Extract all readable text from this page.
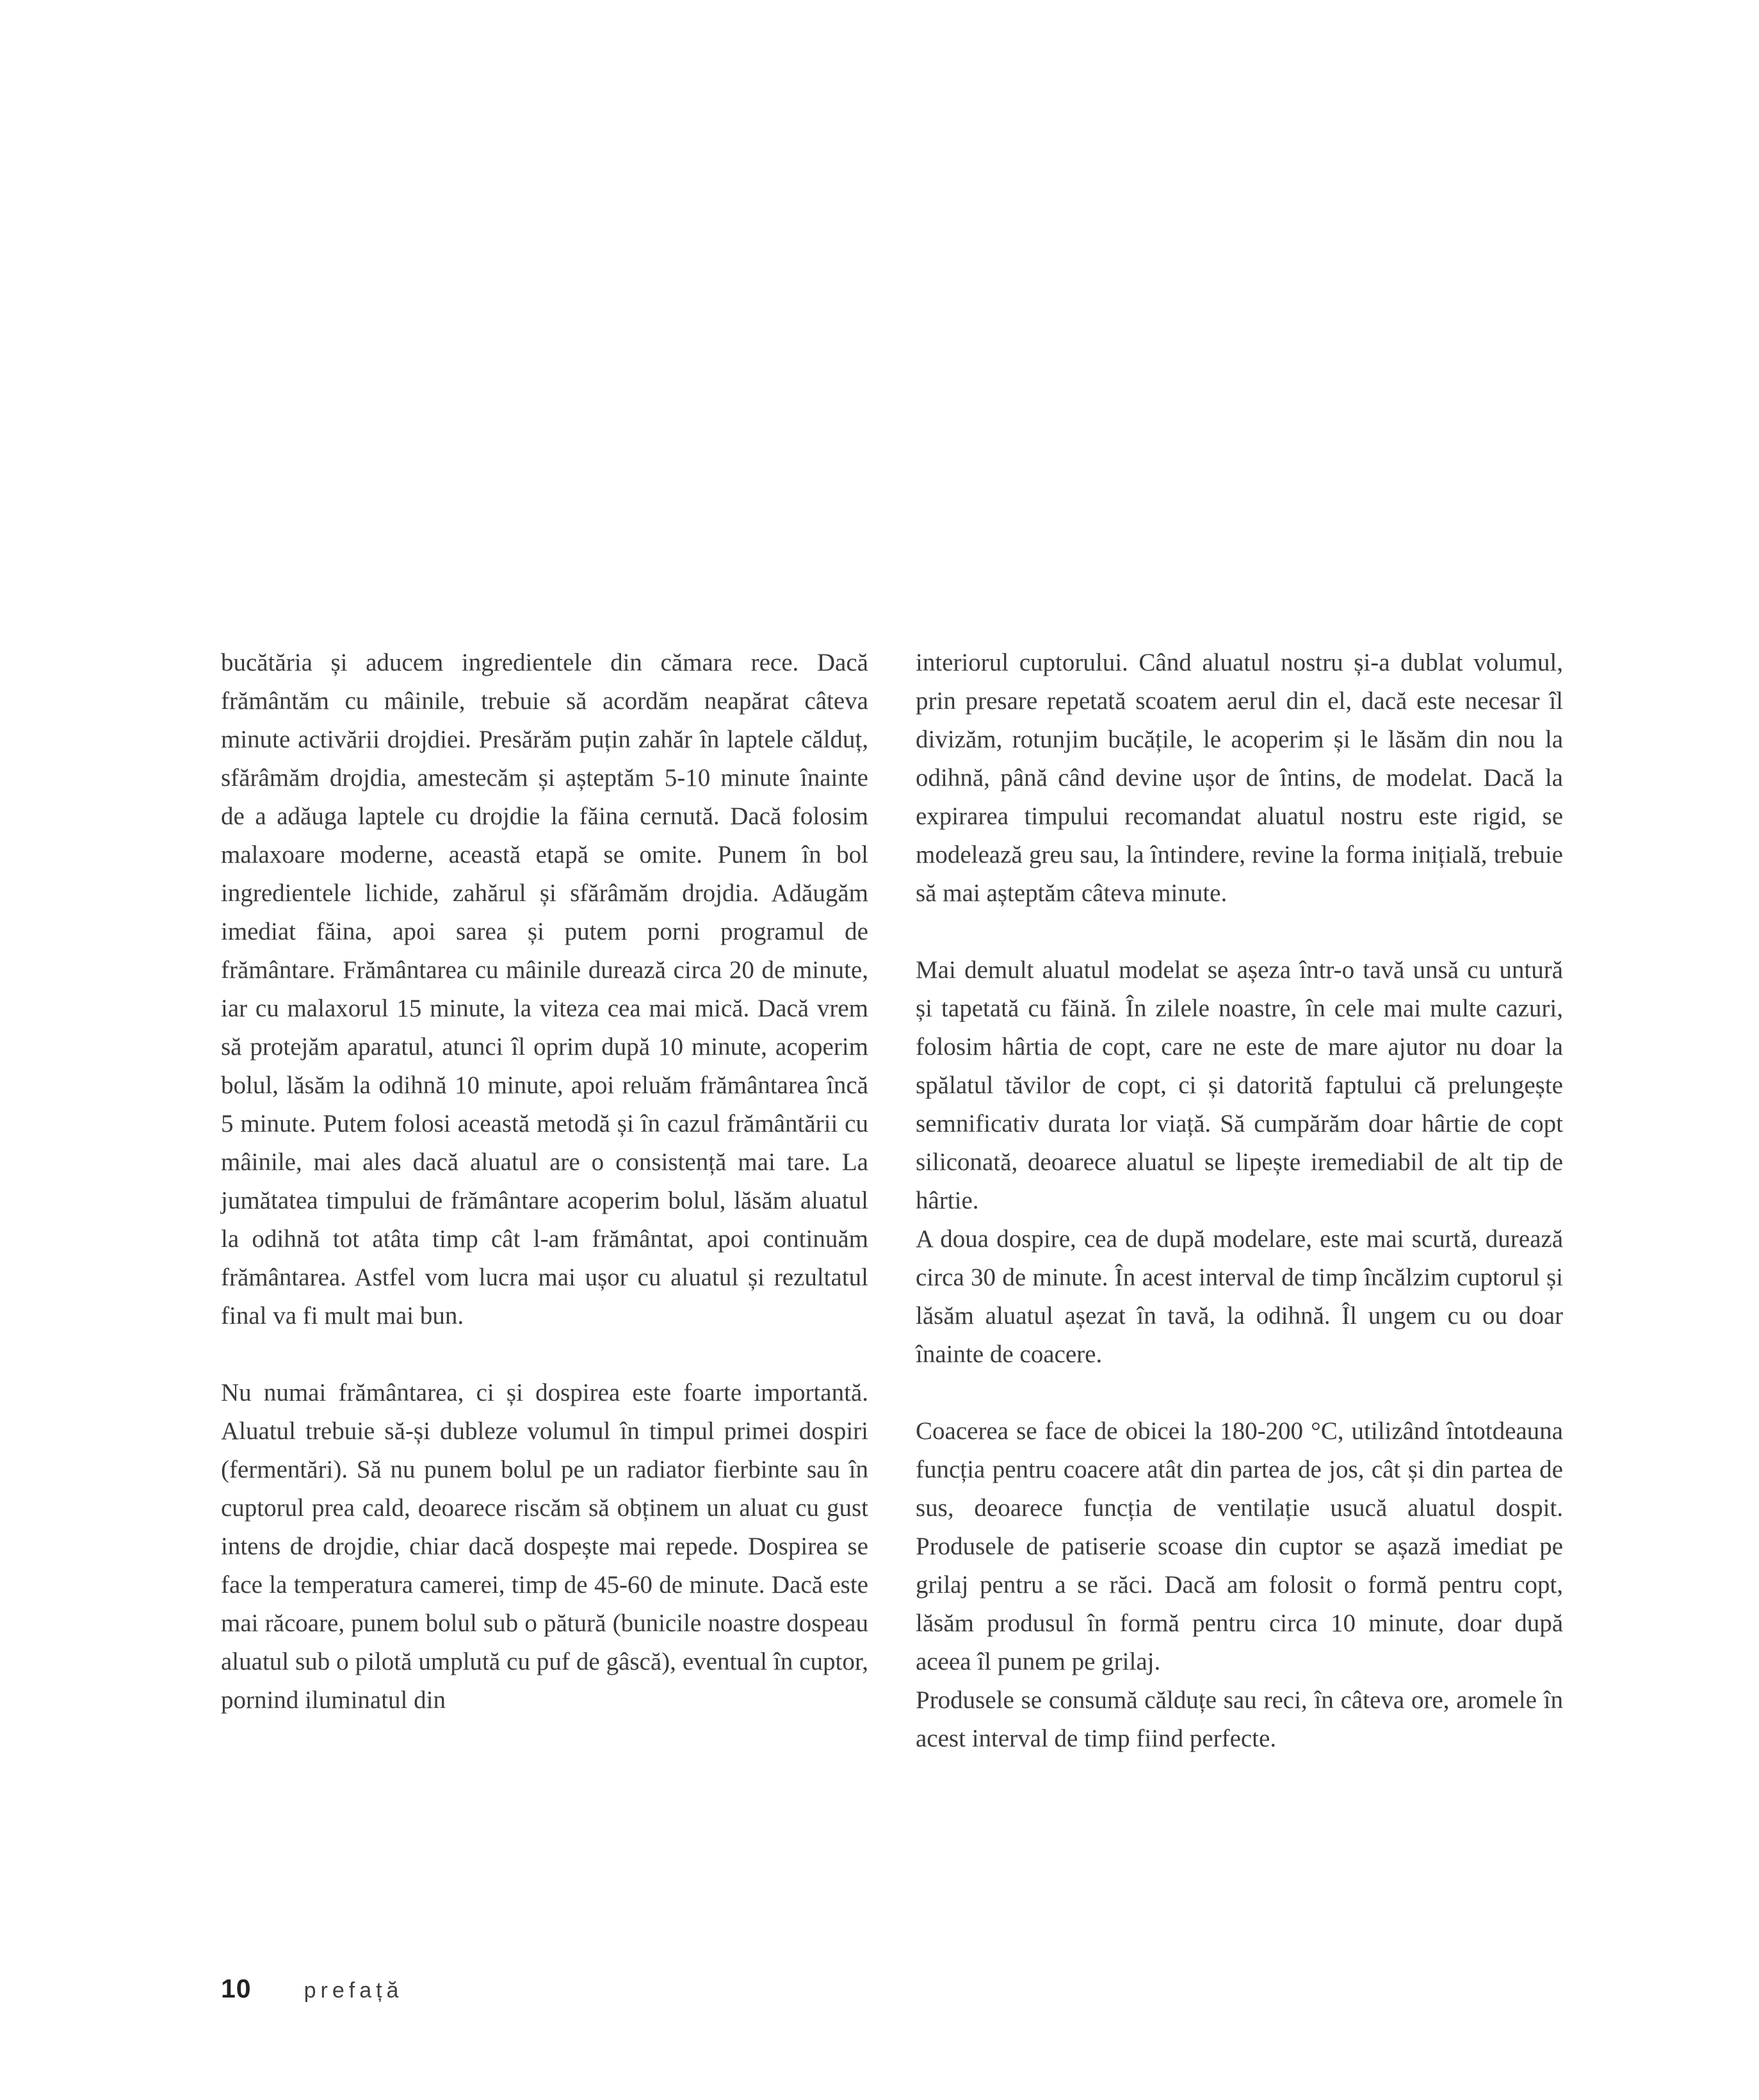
bucătăria și aducem ingredientele din cămara rece. Dacă frământăm cu mâinile, trebuie să acordăm neapărat câteva minute activării drojdiei. Presărăm puțin zahăr în laptele călduț, sfărâmăm drojdia, amestecăm și așteptăm 5-10 minute înainte de a adăuga laptele cu drojdie la făina cernută. Dacă folosim malaxoare moderne, această etapă se omite. Punem în bol ingredientele lichide, zahărul și sfărâmăm drojdia. Adăugăm imediat făina, apoi sarea și putem porni programul de frământare. Frământarea cu mâinile durează circa 20 de minute, iar cu malaxorul 15 minute, la viteza cea mai mică. Dacă vrem să protejăm aparatul, atunci îl oprim după 10 minute, acoperim bolul, lăsăm la odihnă 10 minute, apoi reluăm frământarea încă 5 minute. Putem folosi această metodă și în cazul frământării cu mâinile, mai ales dacă aluatul are o consistență mai tare. La jumătatea timpului de frământare acoperim bolul, lăsăm aluatul la odihnă tot atâta timp cât l-am frământat, apoi continuăm frământarea. Astfel vom lucra mai ușor cu aluatul și rezultatul final va fi mult mai bun.

Nu numai frământarea, ci și dospirea este foarte importantă. Aluatul trebuie să-și dubleze volumul în timpul primei dospiri (fermentări). Să nu punem bolul pe un radiator fierbinte sau în cuptorul prea cald, deoarece riscăm să obținem un aluat cu gust intens de drojdie, chiar dacă dospește mai repede. Dospirea se face la temperatura camerei, timp de 45-60 de minute. Dacă este mai răcoare, punem bolul sub o pătură (bunicile noastre dospeau aluatul sub o pilotă umplută cu puf de gâscă), eventual în cuptor, pornind iluminatul din

interiorul cuptorului. Când aluatul nostru și-a dublat volumul, prin presare repetată scoatem aerul din el, dacă este necesar îl divizăm, rotunjim bucățile, le acoperim și le lăsăm din nou la odihnă, până când devine ușor de întins, de modelat. Dacă la expirarea timpului recomandat aluatul nostru este rigid, se modelează greu sau, la întindere, revine la forma inițială, trebuie să mai așteptăm câteva minute.

Mai demult aluatul modelat se așeza într-o tavă unsă cu untură și tapetată cu făină. În zilele noastre, în cele mai multe cazuri, folosim hârtia de copt, care ne este de mare ajutor nu doar la spălatul tăvilor de copt, ci și datorită faptului că prelungește semnificativ durata lor viață. Să cumpărăm doar hârtie de copt siliconată, deoarece aluatul se lipește iremediabil de alt tip de hârtie.

A doua dospire, cea de după modelare, este mai scurtă, durează circa 30 de minute. În acest interval de timp încălzim cuptorul și lăsăm aluatul așezat în tavă, la odihnă. Îl ungem cu ou doar înainte de coacere.

Coacerea se face de obicei la 180-200 °C, utilizând întotdeauna funcția pentru coacere atât din partea de jos, cât și din partea de sus, deoarece funcția de ventilație usucă aluatul dospit. Produsele de patiserie scoase din cuptor se așază imediat pe grilaj pentru a se răci. Dacă am folosit o formă pentru copt, lăsăm produsul în formă pentru circa 10 minute, doar după aceea îl punem pe grilaj.

Produsele se consumă călduțe sau reci, în câteva ore, aromele în acest interval de timp fiind perfecte.

10 prefață
